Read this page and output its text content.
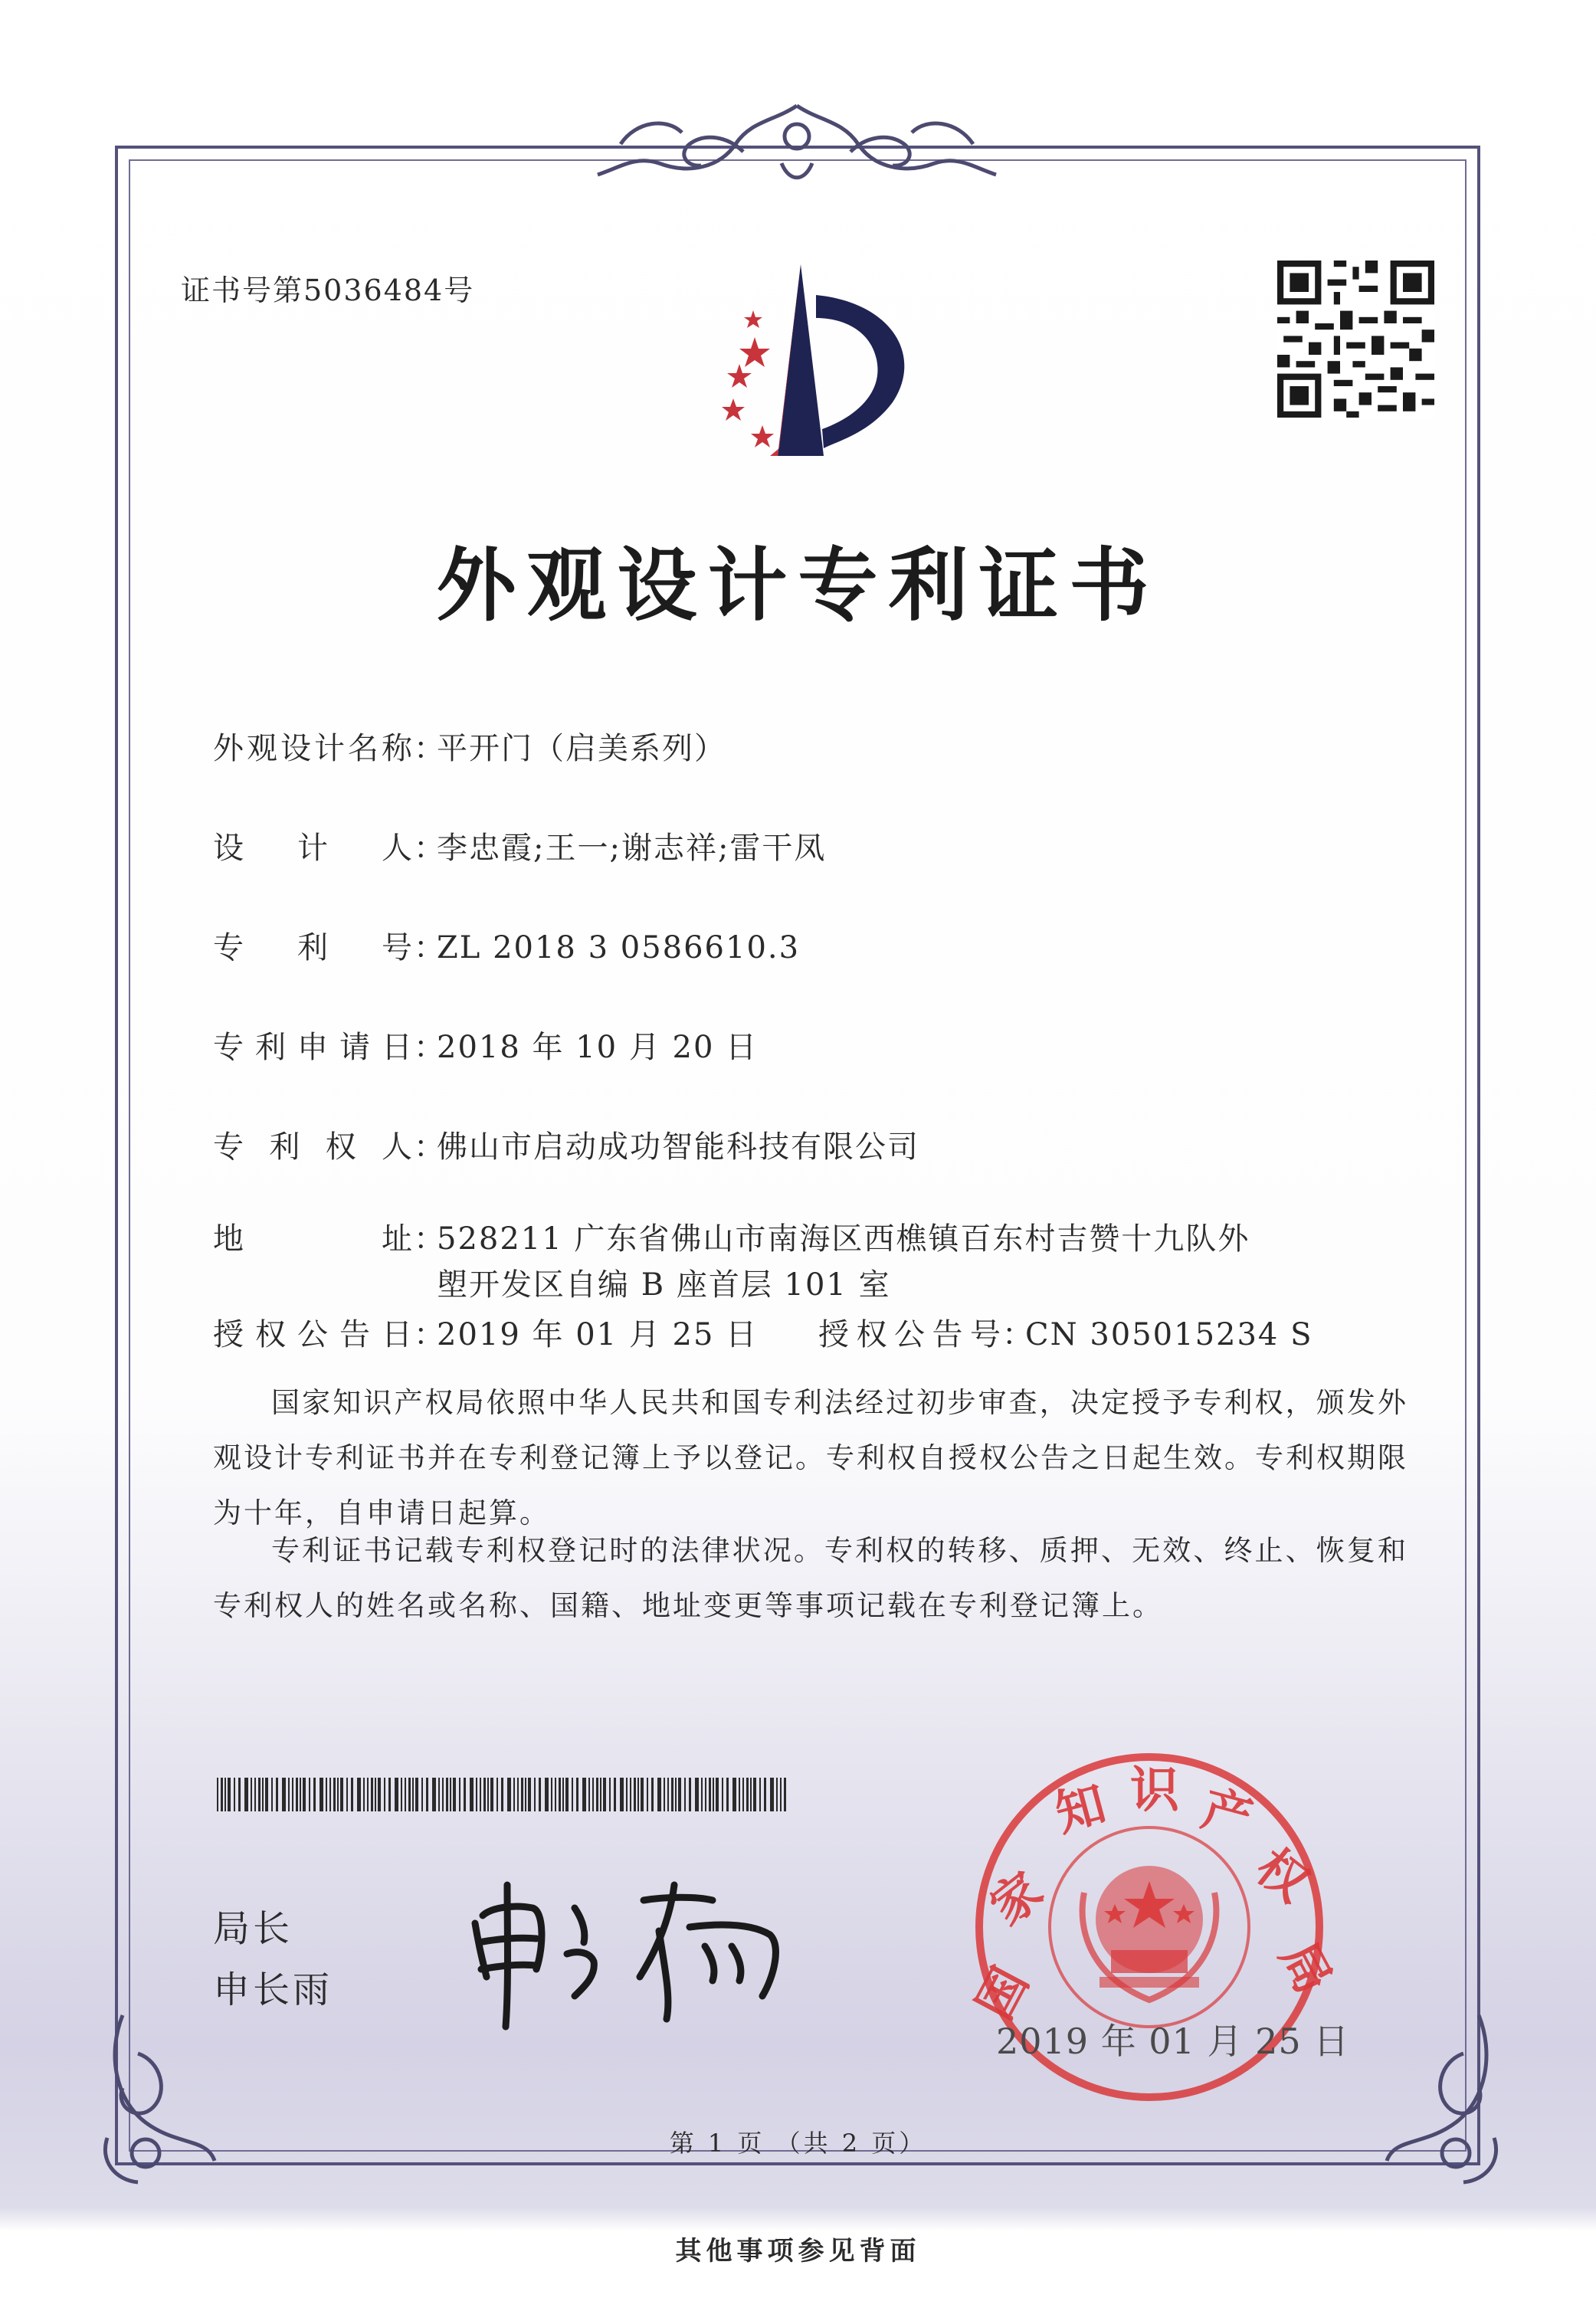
证书号第5036484号
外观设计专利证书
外观设计名称：平开门（启美系列）
设计人：李忠霞;王一;谢志祥;雷干凤
专利号：ZL 2018 3 0586610.3
专利申请日：2018 年 10 月 20 日
专利权人：佛山市启动成功智能科技有限公司
地址：528211 广东省佛山市南海区西樵镇百东村吉赞十九队外
塱开发区自编 B 座首层 101 室
授权公告日：2019 年 01 月 25 日 授权公告号：CN 305015234 S
国家知识产权局依照中华人民共和国专利法经过初步审查，决定授予专利权，颁发外观设计专利证书并在专利登记簿上予以登记。专利权自授权公告之日起生效。专利权期限为十年，自申请日起算。
专利证书记载专利权登记时的法律状况。专利权的转移、质押、无效、终止、恢复和专利权人的姓名或名称、国籍、地址变更等事项记载在专利登记簿上。
局长
申长雨	国
家
知 识 产
权
局
2019 年 01 月 25 日
第 1 页 （共 2 页）
其他事项参见背面
